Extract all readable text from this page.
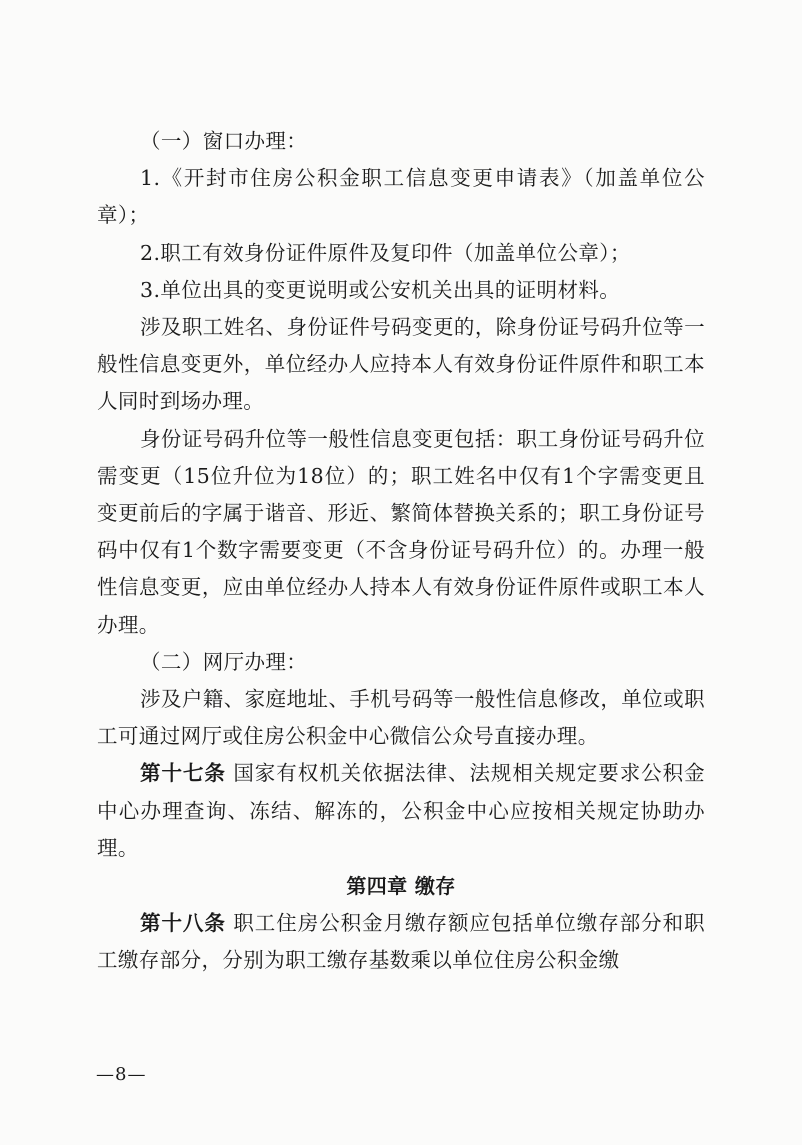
（一）窗口办理：

1.《开封市住房公积金职工信息变更申请表》（加盖单位公章）；

2.职工有效身份证件原件及复印件（加盖单位公章）；

3.单位出具的变更说明或公安机关出具的证明材料。

涉及职工姓名、身份证件号码变更的，除身份证号码升位等一般性信息变更外，单位经办人应持本人有效身份证件原件和职工本人同时到场办理。

身份证号码升位等一般性信息变更包括：职工身份证号码升位需变更（15位升位为18位）的；职工姓名中仅有1个字需变更且变更前后的字属于谐音、形近、繁简体替换关系的；职工身份证号码中仅有1个数字需要变更（不含身份证号码升位）的。办理一般性信息变更，应由单位经办人持本人有效身份证件原件或职工本人办理。

（二）网厅办理：

涉及户籍、家庭地址、手机号码等一般性信息修改，单位或职工可通过网厅或住房公积金中心微信公众号直接办理。

第十七条 国家有权机关依据法律、法规相关规定要求公积金中心办理查询、冻结、解冻的，公积金中心应按相关规定协助办理。

第四章 缴存

第十八条 职工住房公积金月缴存额应包括单位缴存部分和职工缴存部分，分别为职工缴存基数乘以单位住房公积金缴

—8—
